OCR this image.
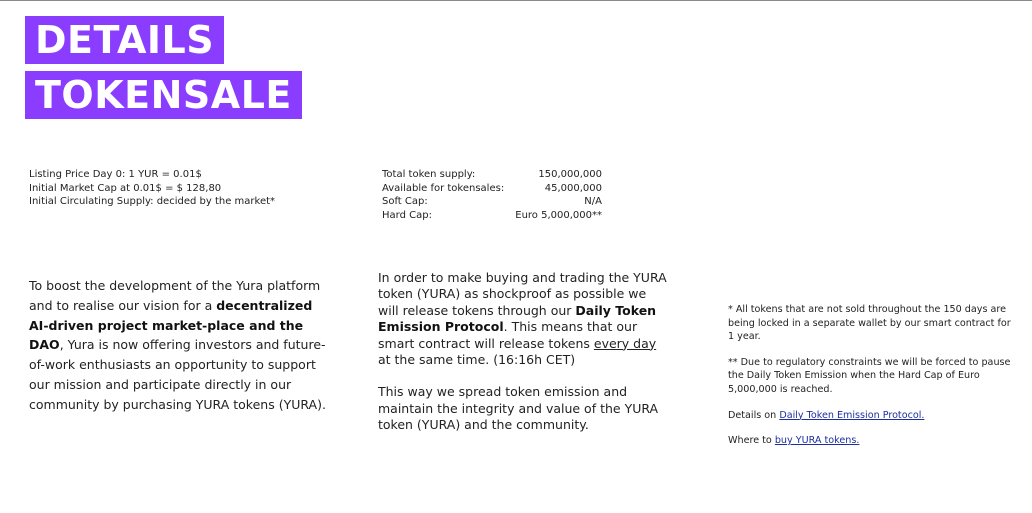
DETAILS
TOKENSALE
Listing Price Day 0: 1 YUR = 0.01$
Initial Market Cap at 0.01$ = $ 128,80
Initial Circulating Supply: decided by the market*
Total token supply:	150,000,000
Available for tokensales:	45,000,000
Soft Cap:	N/A
Hard Cap:	Euro 5,000,000**
To boost the development of the Yura platform and to realise our vision for a decentralized AI-driven project market-place and the DAO, Yura is now offering investors and future-of-work enthusiasts an opportunity to support our mission and participate directly in our community by purchasing YURA tokens (YURA).

In order to make buying and trading the YURA token (YURA) as shockproof as possible we will release tokens through our Daily Token Emission Protocol. This means that our smart contract will release tokens every day at the same time. (16:16h CET)

This way we spread token emission and maintain the integrity and value of the YURA token (YURA) and the community.

* All tokens that are not sold throughout the 150 days are being locked in a separate wallet by our smart contract for 1 year.

** Due to regulatory constraints we will be forced to pause the Daily Token Emission when the Hard Cap of Euro 5,000,000 is reached.

Details on Daily Token Emission Protocol.

Where to buy YURA tokens.
